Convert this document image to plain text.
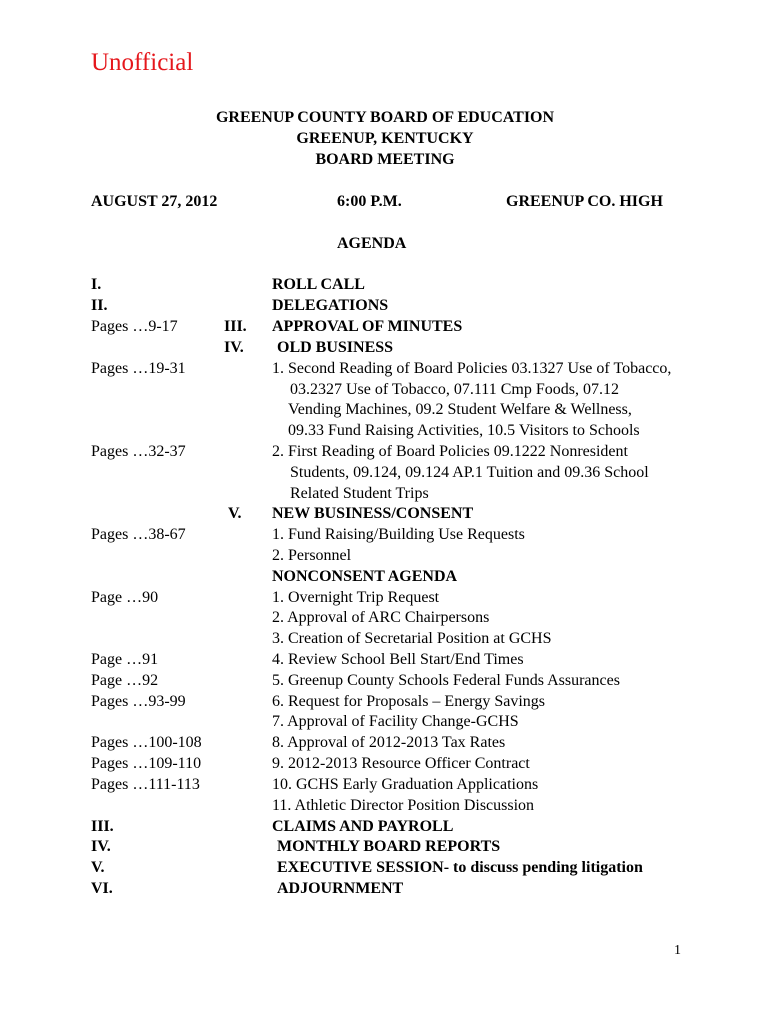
Unofficial
GREENUP COUNTY BOARD OF EDUCATION
GREENUP, KENTUCKY
BOARD MEETING
AUGUST 27, 2012	6:00 P.M.	GREENUP CO. HIGH
AGENDA
I.	ROLL CALL
II.	DELEGATIONS
Pages …9-17	III. APPROVAL OF MINUTES
IV. OLD BUSINESS
Pages …19-31	1. Second Reading of Board Policies 03.1327 Use of Tobacco,
03.2327 Use of Tobacco, 07.111 Cmp Foods, 07.12
Vending Machines, 09.2 Student Welfare & Wellness,
09.33 Fund Raising Activities, 10.5 Visitors to Schools
Pages …32-37	2. First Reading of Board Policies 09.1222 Nonresident
Students, 09.124, 09.124 AP.1 Tuition and 09.36 School
Related Student Trips
V. NEW BUSINESS/CONSENT
Pages …38-67	1. Fund Raising/Building Use Requests
2. Personnel
NONCONSENT AGENDA
Page …90	1. Overnight Trip Request
2. Approval of ARC Chairpersons
3. Creation of Secretarial Position at GCHS
Page …91	4. Review School Bell Start/End Times
Page …92	5. Greenup County Schools Federal Funds Assurances
Pages …93-99	6. Request for Proposals – Energy Savings
7. Approval of Facility Change-GCHS
Pages …100-108	8. Approval of 2012-2013 Tax Rates
Pages …109-110	9. 2012-2013 Resource Officer Contract
Pages …111-113	10. GCHS Early Graduation Applications
11. Athletic Director Position Discussion
III.	CLAIMS AND PAYROLL
IV.	MONTHLY BOARD REPORTS
V.	EXECUTIVE SESSION- to discuss pending litigation
VI.	ADJOURNMENT
1
